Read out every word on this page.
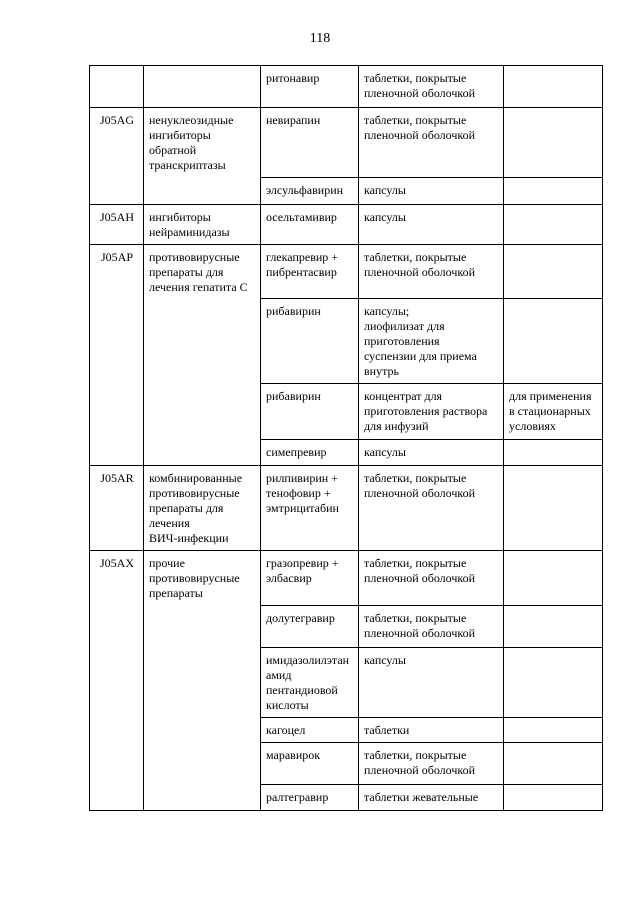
118
		ритонавир	таблетки, покрытые
пленочной оболочкой	
J05AG	ненуклеозидные
ингибиторы
обратной
транскриптазы	невирапин	таблетки, покрытые
пленочной оболочкой	
		элсульфавирин	капсулы	
J05AH	ингибиторы
нейраминидазы	осельтамивир	капсулы	
J05AP	противовирусные
препараты для
лечения гепатита С	глекапревир +
пибрентасвир	таблетки, покрытые
пленочной оболочкой	
		рибавирин	капсулы;
лиофилизат для
приготовления
суспензии для приема
внутрь	
		рибавирин	концентрат для
приготовления раствора
для инфузий	для применения
в стационарных
условиях
		симепревир	капсулы	
J05AR	комбинированные
противовирусные
препараты для
лечения
ВИЧ-инфекции	рилпивирин +
тенофовир +
эмтрицитабин	таблетки, покрытые
пленочной оболочкой	
J05AX	прочие
противовирусные
препараты	гразопревир +
элбасвир	таблетки, покрытые
пленочной оболочкой	
		долутегравир	таблетки, покрытые
пленочной оболочкой	
		имидазолилэтан
амид
пентандиовой
кислоты	капсулы	
		кагоцел	таблетки	
		маравирок	таблетки, покрытые
пленочной оболочкой	
		ралтегравир	таблетки жевательные	
